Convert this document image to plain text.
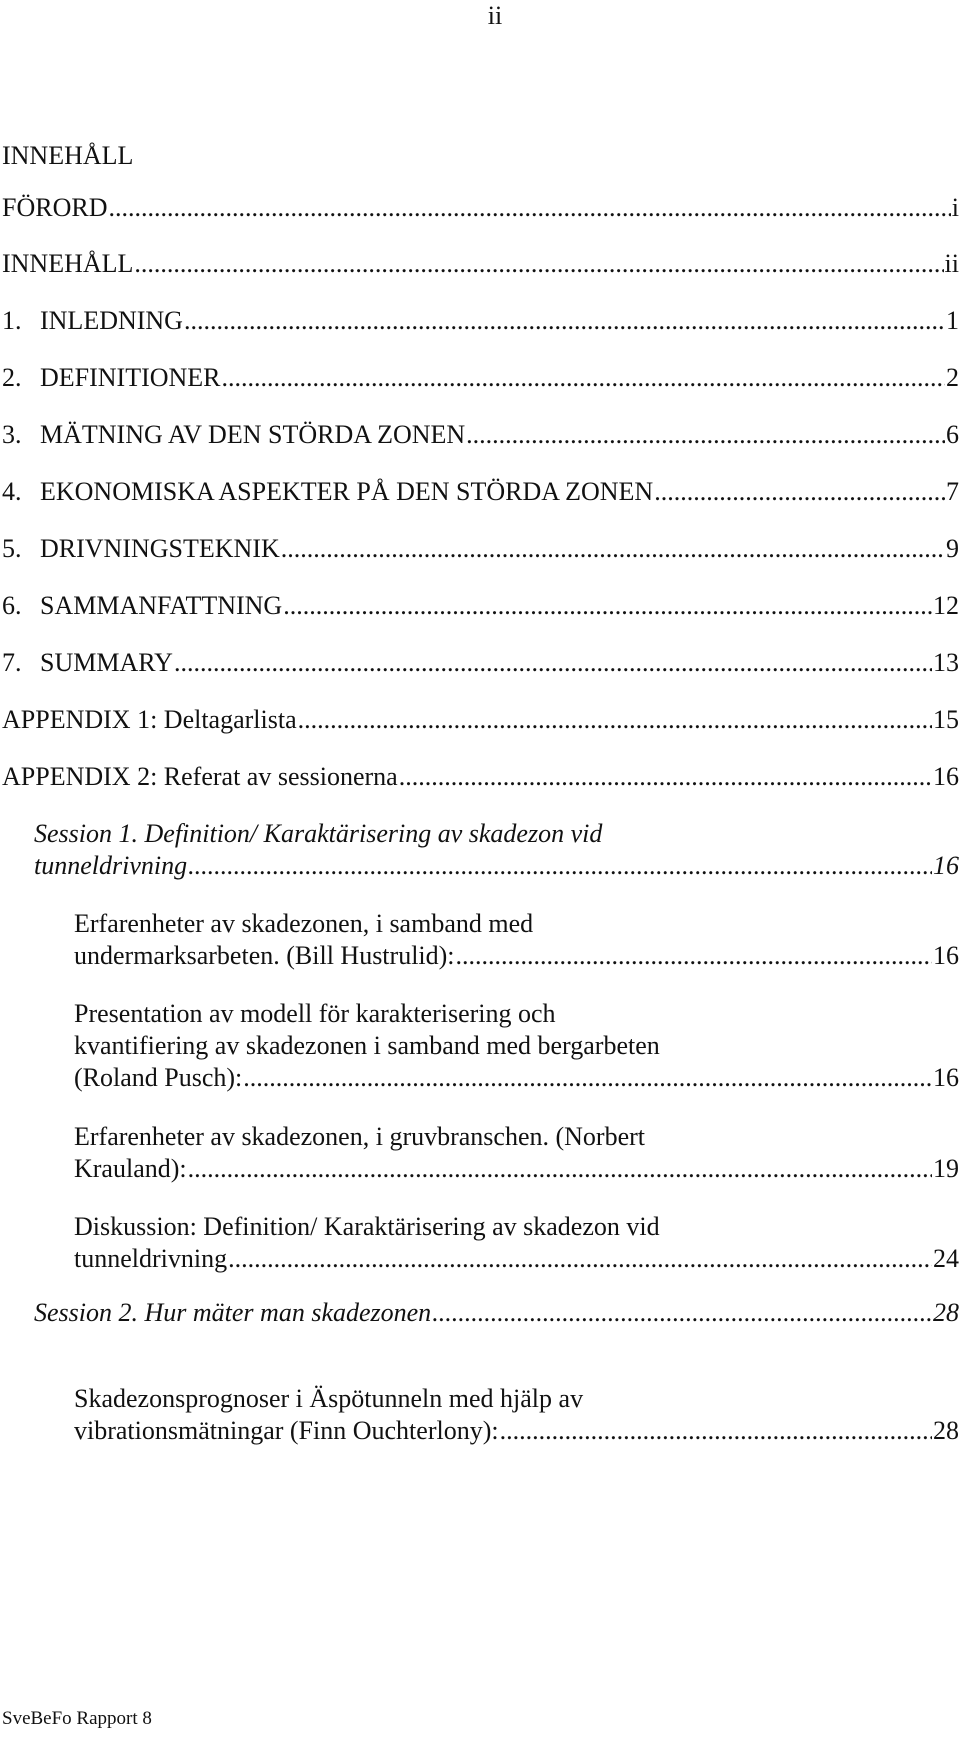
ii
INNEHÅLL
FÖRORD .....	i
INNEHÅLL .....	ii
1. INLEDNING .....	1
2. DEFINITIONER .....	2
3. MÄTNING AV DEN STÖRDA ZONEN .....	6
4. EKONOMISKA ASPEKTER PÅ DEN STÖRDA ZONEN .....	7
5. DRIVNINGSTEKNIK .....	9
6. SAMMANFATTNING .....	12
7. SUMMARY .....	13
APPENDIX 1: Deltagarlista .....	15
APPENDIX 2: Referat av sessionerna .....	16
Session 1. Definition/ Karaktärisering av skadezon vid
tunneldrivning .....	16
Erfarenheter av skadezonen, i samband med
undermarksarbeten. (Bill Hustrulid): .....	16
Presentation av modell för karakterisering och
kvantifiering av skadezonen i samband med bergarbeten
(Roland Pusch): .....	16
Erfarenheter av skadezonen, i gruvbranschen. (Norbert
Krauland): .....	19
Diskussion: Definition/ Karaktärisering av skadezon vid
tunneldrivning .....	24
Session 2. Hur mäter man skadezonen .....	28
Skadezonsprognoser i Äspötunneln med hjälp av
vibrationsmätningar (Finn Ouchterlony): .....	28
SveBeFo Rapport 8
